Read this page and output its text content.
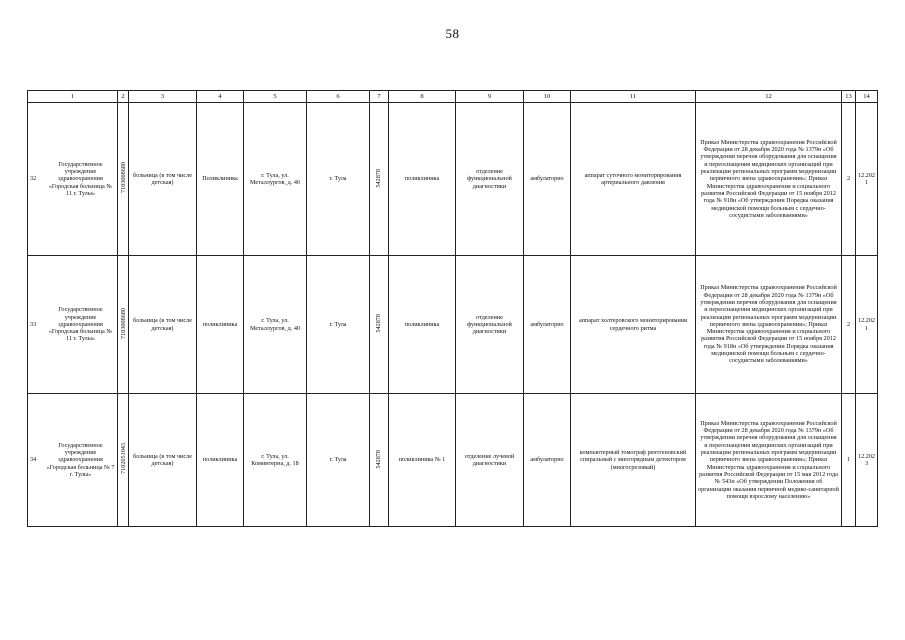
58
1	2	3	4	5	6	7	8	9	10	11	12	13	14

32
Государственное учреждение здравоохранения «Городская больница № 11 г. Тулы»	7103008680	больница (в том числе детская)	Поликлиника	г. Тула, ул. Металлургов, д. 40	г. Тула	542878	поликлиника	отделение функциональной диагностики	амбулаторно	аппарат суточного мониторирования артериального давления	Приказ Министерства здравоохранения Российской Федерации от 28 декабря 2020 года № 1379н «Об утверждении перечня оборудования для оснащения и переоснащения медицинских организаций при реализации региональных программ модернизации первичного звена здравоохранения»; Приказ Министерства здравоохранения и социального развития Российской Федерации от 15 ноября 2012 года № 918н «Об утверждении Порядка оказания медицинской помощи больным с сердечно-сосудистыми заболеваниями»	2	12.2021

33
Государственное учреждение здравоохранения «Городская больница № 11 г. Тулы»	7103008680	больница (в том числе детская)	поликлиника	г. Тула, ул. Металлургов, д. 40	г. Тула	542878	поликлиника	отделение функциональной диагностики	амбулаторно	аппарат холтеровского мониторирования сердечного ритма	Приказ Министерства здравоохранения Российской Федерации от 28 декабря 2020 года № 1379н «Об утверждении перечня оборудования для оснащения и переоснащения медицинских организаций при реализации региональных программ модернизации первичного звена здравоохранения»; Приказ Министерства здравоохранения и социального развития Российской Федерации от 15 ноября 2012 года № 918н «Об утверждении Порядка оказания медицинской помощи больным с сердечно-сосудистыми заболеваниями»	2	12.2021

34
Государственное учреждение здравоохранения «Городская больница № 7 г. Тулы»	7102051043	больница (в том числе детская)	поликлиника	г. Тула, ул. Коминтерна, д. 18	г. Тула	542878	поликлиника № 1	отделение лучевой диагностики	амбулаторно	компьютерный томограф рентгеновский спиральный с многорядным детектором (многосрезовый)	Приказ Министерства здравоохранения Российской Федерации от 28 декабря 2020 года № 1379н «Об утверждении перечня оборудования для оснащения и переоснащения медицинских организаций при реализации региональных программ модернизации первичного звена здравоохранения»; Приказ Министерства здравоохранения и социального развития Российской Федерации от 15 мая 2012 года № 543н «Об утверждении Положения об организации оказания первичной медико-санитарной помощи взрослому населению»	1	12.2023
